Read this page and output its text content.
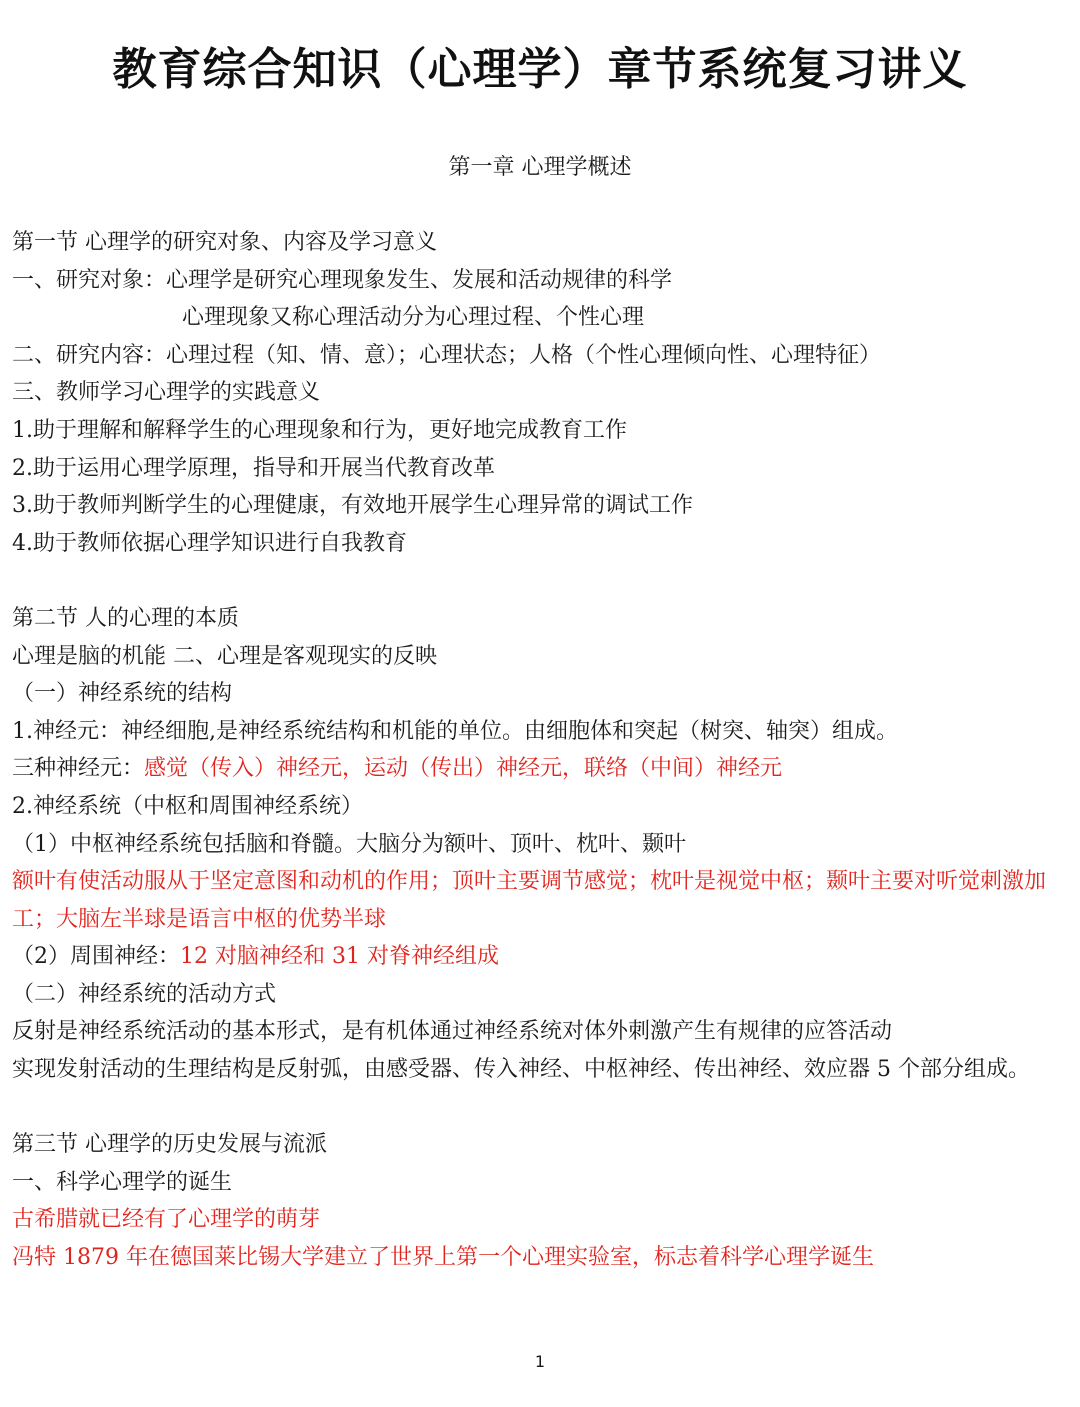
教育综合知识（心理学）章节系统复习讲义
第一章 心理学概述
第一节 心理学的研究对象、内容及学习意义
一、研究对象：心理学是研究心理现象发生、发展和活动规律的科学
心理现象又称心理活动分为心理过程、个性心理
二、研究内容：心理过程（知、情、意）；心理状态；人格（个性心理倾向性、心理特征）
三、教师学习心理学的实践意义
1.助于理解和解释学生的心理现象和行为，更好地完成教育工作
2.助于运用心理学原理，指导和开展当代教育改革
3.助于教师判断学生的心理健康，有效地开展学生心理异常的调试工作
4.助于教师依据心理学知识进行自我教育
第二节 人的心理的本质
心理是脑的机能 二、心理是客观现实的反映
（一）神经系统的结构
1.神经元：神经细胞,是神经系统结构和机能的单位。由细胞体和突起（树突、轴突）组成。
三种神经元：感觉（传入）神经元，运动（传出）神经元，联络（中间）神经元
2.神经系统（中枢和周围神经系统）
（1）中枢神经系统包括脑和脊髓。大脑分为额叶、顶叶、枕叶、颞叶
额叶有使活动服从于坚定意图和动机的作用；顶叶主要调节感觉；枕叶是视觉中枢；颞叶主要对听觉刺激加工；大脑左半球是语言中枢的优势半球
（2）周围神经：12 对脑神经和 31 对脊神经组成
（二）神经系统的活动方式
反射是神经系统活动的基本形式，是有机体通过神经系统对体外刺激产生有规律的应答活动
实现发射活动的生理结构是反射弧，由感受器、传入神经、中枢神经、传出神经、效应器 5 个部分组成。
第三节 心理学的历史发展与流派
一、科学心理学的诞生
古希腊就已经有了心理学的萌芽
冯特 1879 年在德国莱比锡大学建立了世界上第一个心理实验室，标志着科学心理学诞生
1
